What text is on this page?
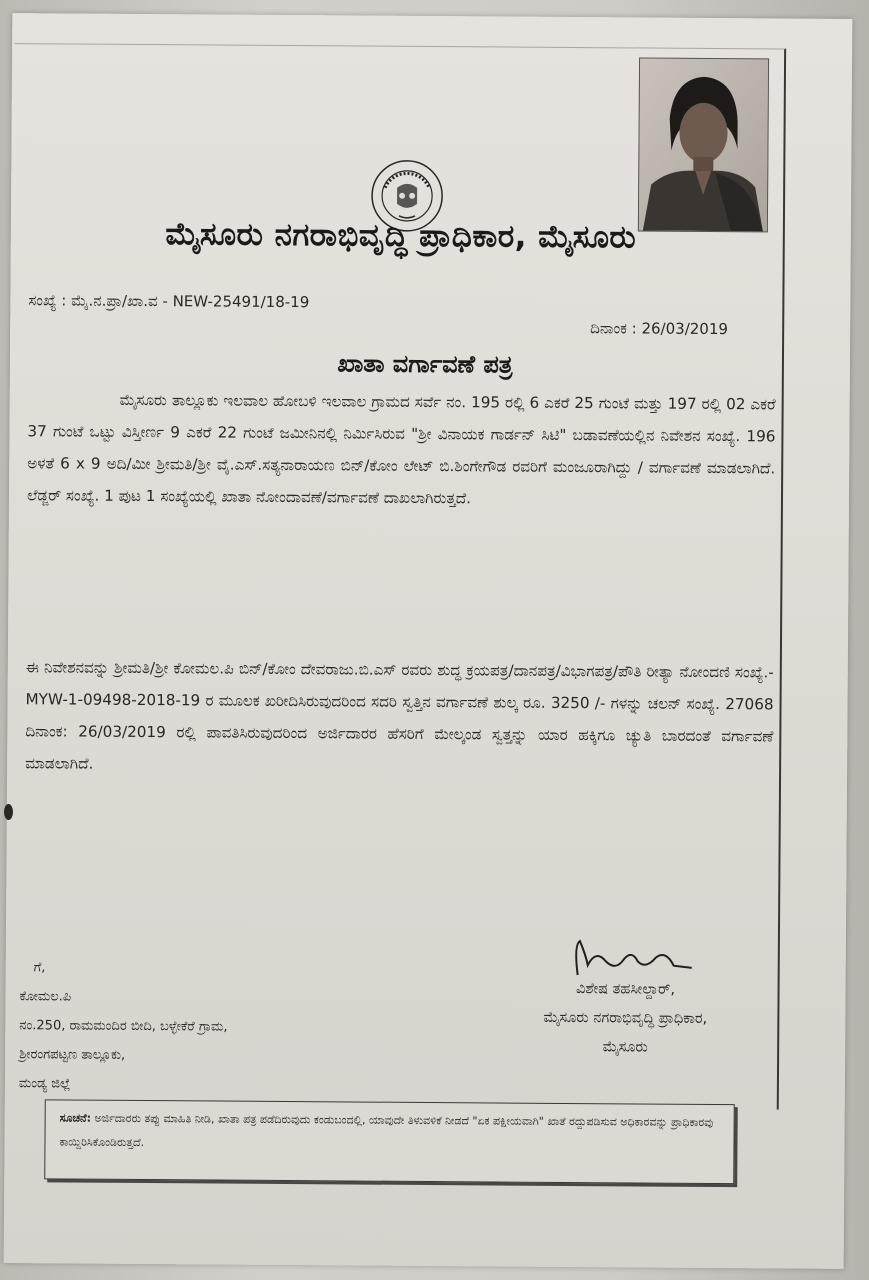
ಮೈಸೂರು ನಗರಾಭಿವೃದ್ಧಿ ಪ್ರಾಧಿಕಾರ, ಮೈಸೂರು
ಸಂಖ್ಯೆ : ಮೈ.ನ.ಪ್ರಾ/ಖಾ.ವ - NEW-25491/18-19
ದಿನಾಂಕ : 26/03/2019
ಖಾತಾ ವರ್ಗಾವಣೆ ಪತ್ರ
ಮೈಸೂರು ತಾಲ್ಲೂಕು ಇಲವಾಲ ಹೋಬಳಿ ಇಲವಾಲ ಗ್ರಾಮದ ಸರ್ವೆ ನಂ. 195 ರಲ್ಲಿ 6 ಎಕರೆ 25 ಗುಂಟೆ ಮತ್ತು 197 ರಲ್ಲಿ 02 ಎಕರೆ 37 ಗುಂಟೆ ಒಟ್ಟು ವಿಸ್ತೀರ್ಣ 9 ಎಕರೆ 22 ಗುಂಟೆ ಜಮೀನಿನಲ್ಲಿ ನಿರ್ಮಿಸಿರುವ "ಶ್ರೀ ವಿನಾಯಕ ಗಾರ್ಡನ್ ಸಿಟಿ" ಬಡಾವಣೆಯಲ್ಲಿನ ನಿವೇಶನ ಸಂಖ್ಯೆ. 196 ಅಳತೆ 6 x 9 ಅದಿ/ಮೀ ಶ್ರೀಮತಿ/ಶ್ರೀ ವೈ.ಎಸ್.ಸತ್ಯನಾರಾಯಣ ಬಿನ್/ಕೋಂ ಲೇಟ್ ಬಿ.ಶಿಂಗೇಗೌಡ ರವರಿಗೆ ಮಂಜೂರಾಗಿದ್ದು / ವರ್ಗಾವಣೆ ಮಾಡಲಾಗಿದೆ. ಲೆಡ್ಜರ್ ಸಂಖ್ಯೆ. 1 ಪುಟ 1 ಸಂಖ್ಯೆಯಲ್ಲಿ ಖಾತಾ ನೋಂದಾವಣೆ/ವರ್ಗಾವಣೆ ದಾಖಲಾಗಿರುತ್ತದೆ.
ಈ ನಿವೇಶನವನ್ನು ಶ್ರೀಮತಿ/ಶ್ರೀ ಕೋಮಲ.ಪಿ ಬಿನ್/ಕೋಂ ದೇವರಾಜು.ಬಿ.ಎಸ್ ರವರು ಶುದ್ಧ ಕ್ರಯಪತ್ರ/ದಾನಪತ್ರ/ವಿಭಾಗಪತ್ರ/ಪೌತಿ ರೀತ್ಯಾ ನೋಂದಣಿ ಸಂಖ್ಯೆ.- MYW-1-09498-2018-19 ರ ಮೂಲಕ ಖರೀದಿಸಿರುವುದರಿಂದ ಸದರಿ ಸ್ವತ್ತಿನ ವರ್ಗಾವಣೆ ಶುಲ್ಕ ರೂ. 3250 /- ಗಳನ್ನು ಚಲನ್ ಸಂಖ್ಯೆ. 27068 ದಿನಾಂಕ: 26/03/2019 ರಲ್ಲಿ ಪಾವತಿಸಿರುವುದರಿಂದ ಅರ್ಜಿದಾರರ ಹೆಸರಿಗೆ ಮೇಲ್ಕಂಡ ಸ್ವತ್ತನ್ನು ಯಾರ ಹಕ್ಕಿಗೂ ಚ್ಯುತಿ ಬಾರದಂತೆ ವರ್ಗಾವಣೆ ಮಾಡಲಾಗಿದೆ.
ಗೆ,
ಕೋಮಲ.ಪಿ
ನಂ.250, ರಾಮಮಂದಿರ ಬೀದಿ, ಬಳ್ಳೇಕೆರೆ ಗ್ರಾಮ,
ಶ್ರೀರಂಗಪಟ್ಟಣ ತಾಲ್ಲೂಕು,
ಮಂಡ್ಯ ಜಿಲ್ಲೆ
ವಿಶೇಷ ತಹಸೀಲ್ದಾರ್,
ಮೈಸೂರು ನಗರಾಭಿವೃದ್ಧಿ ಪ್ರಾಧಿಕಾರ,
ಮೈಸೂರು
ಸೂಚನೆ: ಅರ್ಜಿದಾರರು ತಪ್ಪು ಮಾಹಿತಿ ನೀಡಿ, ಖಾತಾ ಪತ್ರ ಪಡೆದಿರುವುದು ಕಂಡುಬಂದಲ್ಲಿ, ಯಾವುದೇ ತಿಳುವಳಿಕೆ ನೀಡದೆ "ಏಕ ಪಕ್ಷೀಯವಾಗಿ" ಖಾತೆ ರದ್ದುಪಡಿಸುವ ಅಧಿಕಾರವನ್ನು ಪ್ರಾಧಿಕಾರವು ಕಾಯ್ದಿರಿಸಿಕೊಂಡಿರುತ್ತದೆ.
